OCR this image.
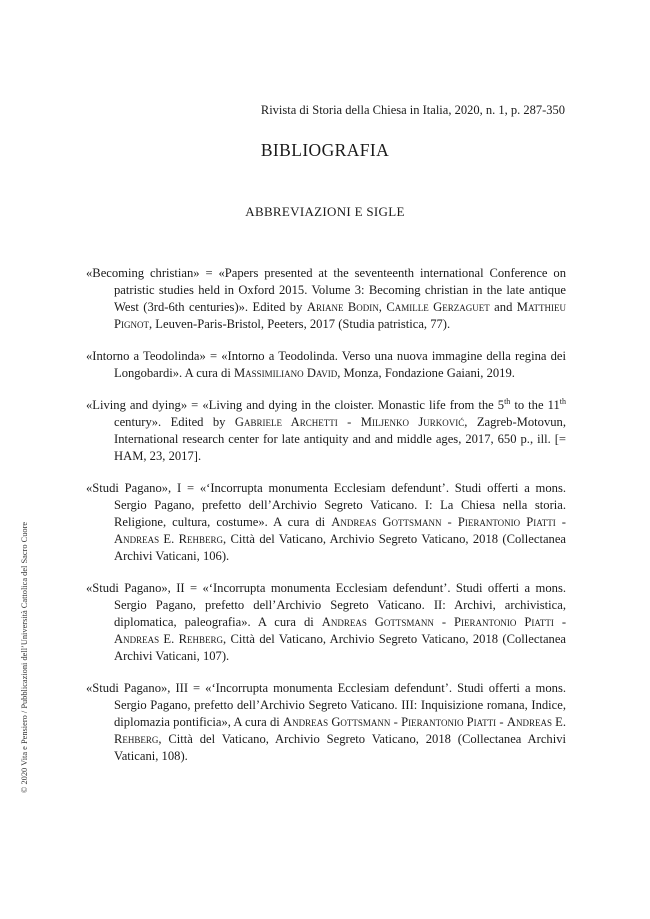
Rivista di Storia della Chiesa in Italia, 2020, n. 1, p. 287-350
BIBLIOGRAFIA
ABBREVIAZIONI E SIGLE

«Becoming christian» = «Papers presented at the seventeenth international Conference on patristic studies held in Oxford 2015. Volume 3: Becoming christian in the late antique West (3rd-6th centuries)». Edited by Ariane Bodin, Camille Gerzaguet and Matthieu Pignot, Leuven-Paris-Bristol, Peeters, 2017 (Studia patristica, 77).

«Intorno a Teodolinda» = «Intorno a Teodolinda. Verso una nuova immagine della regina dei Longobardi». A cura di Massimiliano David, Monza, Fondazione Gaiani, 2019.

«Living and dying» = «Living and dying in the cloister. Monastic life from the 5th to the 11th century». Edited by Gabriele Archetti - Miljenko Jurković, Zagreb-Motovun, International research center for late antiquity and and middle ages, 2017, 650 p., ill. [= HAM, 23, 2017].

«Studi Pagano», I = «‘Incorrupta monumenta Ecclesiam defendunt’. Studi offerti a mons. Sergio Pagano, prefetto dell’Archivio Segreto Vaticano. I: La Chiesa nella storia. Religione, cultura, costume». A cura di Andreas Gottsmann - Pierantonio Piatti - Andreas E. Rehberg, Città del Vaticano, Archivio Segreto Vaticano, 2018 (Collectanea Archivi Vaticani, 106).

«Studi Pagano», II = «‘Incorrupta monumenta Ecclesiam defendunt’. Studi offerti a mons. Sergio Pagano, prefetto dell’Archivio Segreto Vaticano. II: Archivi, archivistica, diplomatica, paleografia». A cura di Andreas Gottsmann - Pierantonio Piatti - Andreas E. Rehberg, Città del Vaticano, Archivio Segreto Vaticano, 2018 (Collectanea Archivi Vaticani, 107).

«Studi Pagano», III = «‘Incorrupta monumenta Ecclesiam defendunt’. Studi offerti a mons. Sergio Pagano, prefetto dell’Archivio Segreto Vaticano. III: Inquisizione romana, Indice, diplomazia pontificia», A cura di Andreas Gottsmann - Pierantonio Piatti - Andreas E. Rehberg, Città del Vaticano, Archivio Segreto Vaticano, 2018 (Collectanea Archivi Vaticani, 108).

© 2020 Vita e Pensiero / Pubblicazioni dell’Università Cattolica del Sacro Cuore
